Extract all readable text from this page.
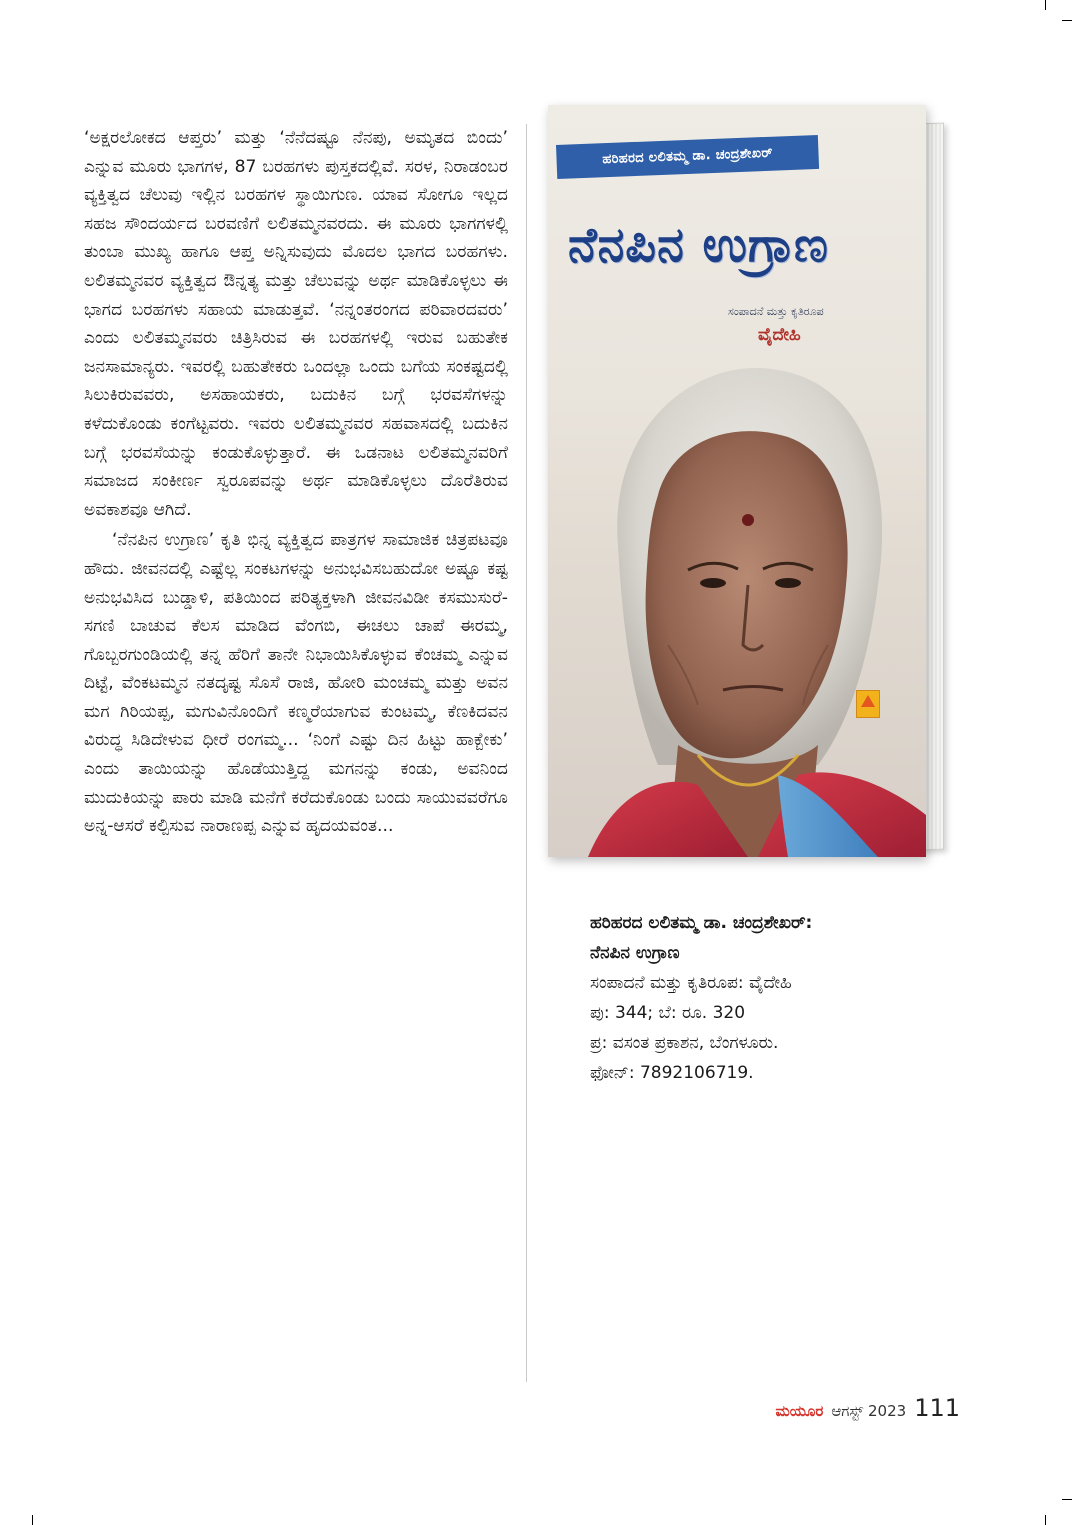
‘ಅಕ್ಷರಲೋಕದ ಆಪ್ತರು’ ಮತ್ತು ‘ನೆನೆದಷ್ಟೂ ನೆನಪು, ಅಮೃತದ ಬಿಂದು’ ಎನ್ನುವ ಮೂರು ಭಾಗಗಳ, 87 ಬರಹಗಳು ಪುಸ್ತಕದಲ್ಲಿವೆ. ಸರಳ, ನಿರಾಡಂಬರ ವ್ಯಕ್ತಿತ್ವದ ಚೆಲುವು ಇಲ್ಲಿನ ಬರಹಗಳ ಸ್ಥಾಯಿಗುಣ. ಯಾವ ಸೋಗೂ ಇಲ್ಲದ ಸಹಜ ಸೌಂದರ್ಯದ ಬರವಣಿಗೆ ಲಲಿತಮ್ಮನವರದು. ಈ ಮೂರು ಭಾಗಗಳಲ್ಲಿ ತುಂಬಾ ಮುಖ್ಯ ಹಾಗೂ ಆಪ್ತ ಅನ್ನಿಸುವುದು ಮೊದಲ ಭಾಗದ ಬರಹಗಳು. ಲಲಿತಮ್ಮನವರ ವ್ಯಕ್ತಿತ್ವದ ಔನ್ನತ್ಯ ಮತ್ತು ಚೆಲುವನ್ನು ಅರ್ಥ ಮಾಡಿಕೊಳ್ಳಲು ಈ ಭಾಗದ ಬರಹಗಳು ಸಹಾಯ ಮಾಡುತ್ತವೆ. ‘ನನ್ನಂತರಂಗದ ಪರಿವಾರದವರು’ ಎಂದು ಲಲಿತಮ್ಮನವರು ಚಿತ್ರಿಸಿರುವ ಈ ಬರಹಗಳಲ್ಲಿ ಇರುವ ಬಹುತೇಕ ಜನಸಾಮಾನ್ಯರು. ಇವರಲ್ಲಿ ಬಹುತೇಕರು ಒಂದಲ್ಲಾ ಒಂದು ಬಗೆಯ ಸಂಕಷ್ಟದಲ್ಲಿ ಸಿಲುಕಿರುವವರು, ಅಸಹಾಯಕರು, ಬದುಕಿನ ಬಗ್ಗೆ ಭರವಸೆಗಳನ್ನು ಕಳೆದುಕೊಂಡು ಕಂಗೆಟ್ಟವರು. ಇವರು ಲಲಿತಮ್ಮನವರ ಸಹವಾಸದಲ್ಲಿ ಬದುಕಿನ ಬಗ್ಗೆ ಭರವಸೆಯನ್ನು ಕಂಡುಕೊಳ್ಳುತ್ತಾರೆ. ಈ ಒಡನಾಟ ಲಲಿತಮ್ಮನವರಿಗೆ ಸಮಾಜದ ಸಂಕೀರ್ಣ ಸ್ವರೂಪವನ್ನು ಅರ್ಥ ಮಾಡಿಕೊಳ್ಳಲು ದೊರೆತಿರುವ ಅವಕಾಶವೂ ಆಗಿದೆ.

‘ನೆನಪಿನ ಉಗ್ರಾಣ’ ಕೃತಿ ಭಿನ್ನ ವ್ಯಕ್ತಿತ್ವದ ಪಾತ್ರಗಳ ಸಾಮಾಜಿಕ ಚಿತ್ರಪಟವೂ ಹೌದು. ಜೀವನದಲ್ಲಿ ಎಷ್ಟೆಲ್ಲ ಸಂಕಟಗಳನ್ನು ಅನುಭವಿಸಬಹುದೋ ಅಷ್ಟೂ ಕಷ್ಟ ಅನುಭವಿಸಿದ ಬುಡ್ಡಾಳಿ, ಪತಿಯಿಂದ ಪರಿತ್ಯಕ್ತಳಾಗಿ ಜೀವನವಿಡೀ ಕಸಮುಸುರೆ-ಸಗಣಿ ಬಾಚುವ ಕೆಲಸ ಮಾಡಿದ ವೆಂಗಬಿ, ಈಚಲು ಚಾಪೆ ಈರಮ್ಮ, ಗೊಬ್ಬರಗುಂಡಿಯಲ್ಲಿ ತನ್ನ ಹೆರಿಗೆ ತಾನೇ ನಿಭಾಯಿಸಿಕೊಳ್ಳುವ ಕೆಂಚಮ್ಮ ಎನ್ನುವ ದಿಟ್ಟೆ, ವೆಂಕಟಮ್ಮನ ನತದೃಷ್ಟ ಸೊಸೆ ರಾಜಿ, ಹೋರಿ ಮಂಚಮ್ಮ ಮತ್ತು ಅವನ ಮಗ ಗಿರಿಯಪ್ಪ, ಮಗುವಿನೊಂದಿಗೆ ಕಣ್ಮರೆಯಾಗುವ ಕುಂಟಮ್ಮ, ಕೆಣಕಿದವನ ವಿರುದ್ಧ ಸಿಡಿದೇಳುವ ಧೀರೆ ರಂಗಮ್ಮ... ‘ನಿಂಗೆ ಎಷ್ಟು ದಿನ ಹಿಟ್ಟು ಹಾಕ್ಬೇಕು’ ಎಂದು ತಾಯಿಯನ್ನು ಹೊಡೆಯುತ್ತಿದ್ದ ಮಗನನ್ನು ಕಂಡು, ಅವನಿಂದ ಮುದುಕಿಯನ್ನು ಪಾರು ಮಾಡಿ ಮನೆಗೆ ಕರೆದುಕೊಂಡು ಬಂದು ಸಾಯುವವರೆಗೂ ಅನ್ನ-ಆಸರೆ ಕಲ್ಪಿಸುವ ನಾರಾಣಪ್ಪ ಎನ್ನುವ ಹೃದಯವಂತ...

ಹರಿಹರದ ಲಲಿತಮ್ಮ ಡಾ. ಚಂದ್ರಶೇಖರ್
ನೆನಪಿನ ಉಗ್ರಾಣ
ಸಂಪಾದನೆ ಮತ್ತು ಕೃತಿರೂಪ
ವೈದೇಹಿ
ಹರಿಹರದ ಲಲಿತಮ್ಮ ಡಾ. ಚಂದ್ರಶೇಖರ್:
ನೆನಪಿನ ಉಗ್ರಾಣ
ಸಂಪಾದನೆ ಮತ್ತು ಕೃತಿರೂಪ: ವೈದೇಹಿ
ಪು: 344; ಬೆ: ರೂ. 320
ಪ್ರ: ವಸಂತ ಪ್ರಕಾಶನ, ಬೆಂಗಳೂರು.
ಫೋನ್: 7892106719.
ಮಯೂರ ಆಗಸ್ಟ್ 2023 111
